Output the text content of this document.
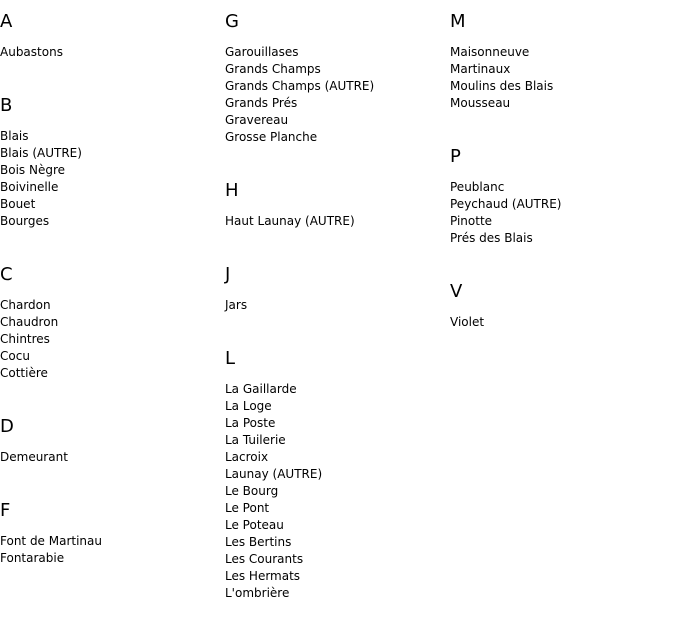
A
Aubastons
B
Blais
Blais (AUTRE)
Bois Nègre
Boivinelle
Bouet
Bourges
C
Chardon
Chaudron
Chintres
Cocu
Cottière
D
Demeurant
F
Font de Martinau
Fontarabie
G
Garouillases
Grands Champs
Grands Champs (AUTRE)
Grands Prés
Gravereau
Grosse Planche
H
Haut Launay (AUTRE)
J
Jars
L
La Gaillarde
La Loge
La Poste
La Tuilerie
Lacroix
Launay (AUTRE)
Le Bourg
Le Pont
Le Poteau
Les Bertins
Les Courants
Les Hermats
L'ombrière
M
Maisonneuve
Martinaux
Moulins des Blais
Mousseau
P
Peublanc
Peychaud (AUTRE)
Pinotte
Prés des Blais
V
Violet
